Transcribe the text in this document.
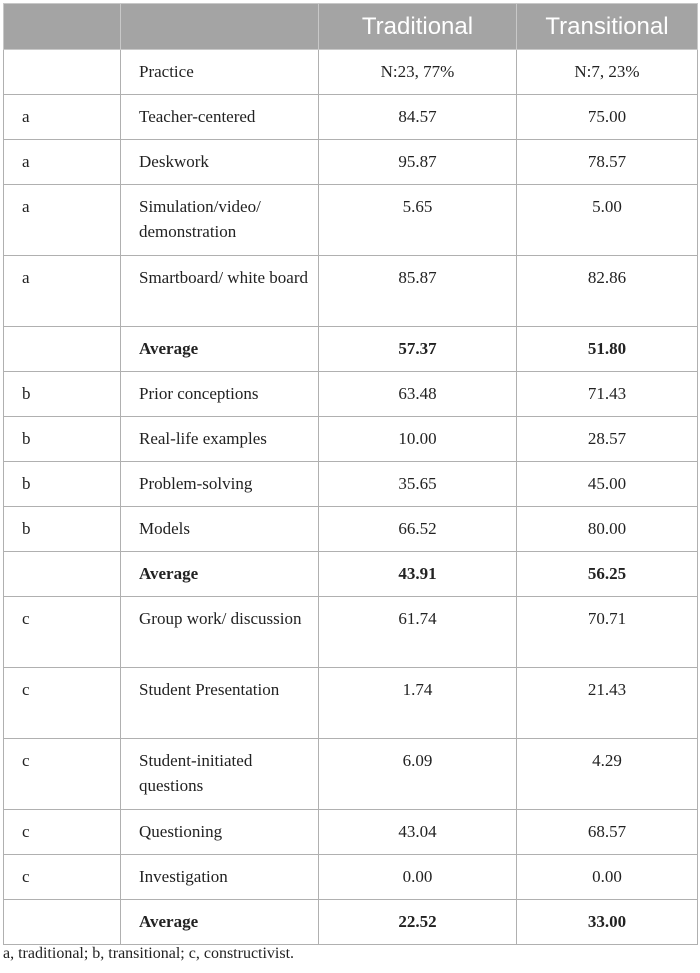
		Traditional	Transitional
	Practice	N:23, 77%	N:7, 23%
a	Teacher-centered	84.57	75.00
a	Deskwork	95.87	78.57
a	Simulation/video/ demonstration	5.65	5.00
a	Smartboard/ white board	85.87	82.86
	Average	57.37	51.80
b	Prior conceptions	63.48	71.43
b	Real-life examples	10.00	28.57
b	Problem-solving	35.65	45.00
b	Models	66.52	80.00
	Average	43.91	56.25
c	Group work/ discussion	61.74	70.71
c	Student Presentation	1.74	21.43
c	Student-initiated questions	6.09	4.29
c	Questioning	43.04	68.57
c	Investigation	0.00	0.00
	Average	22.52	33.00
a, traditional; b, transitional; c, constructivist.
